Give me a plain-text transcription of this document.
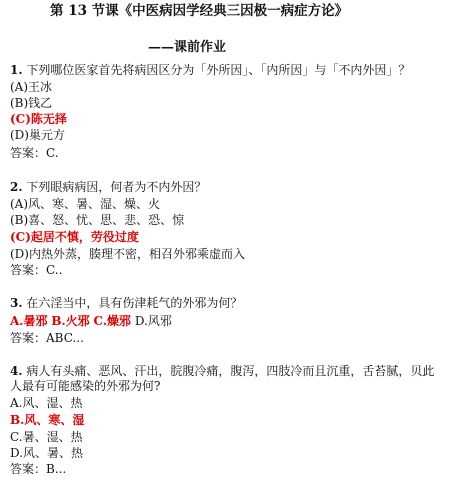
第 13 节课《中医病因学经典三因极一病症方论》
——课前作业
1. 下列哪位医家首先将病因区分为「外所因」、「内所因」与「不内外因」？
(A)王冰
(B)钱乙
(C)陈无择
(D)巢元方
答案：C.
2. 下列眼病病因，何者为不内外因？
(A)风、寒、暑、湿、燥、火
(B)喜、怒、忧、思、悲、恐、惊
(C)起居不慎，劳役过度
(D)内热外蒸，腠理不密，相召外邪乘虚而入
答案：C..
3. 在六淫当中，具有伤津耗气的外邪为何？
A.暑邪 B.火邪 C.燥邪 D.风邪
答案：ABC...
4. 病人有头痛、恶风、汗出，脘腹冷痛，腹泻，四肢冷而且沉重，舌苔腻，贝此人最有可能感染的外邪为何?
A.风、湿、热
B.风、寒、湿
C.暑、湿、热
D.风、暑、热
答案：B...
